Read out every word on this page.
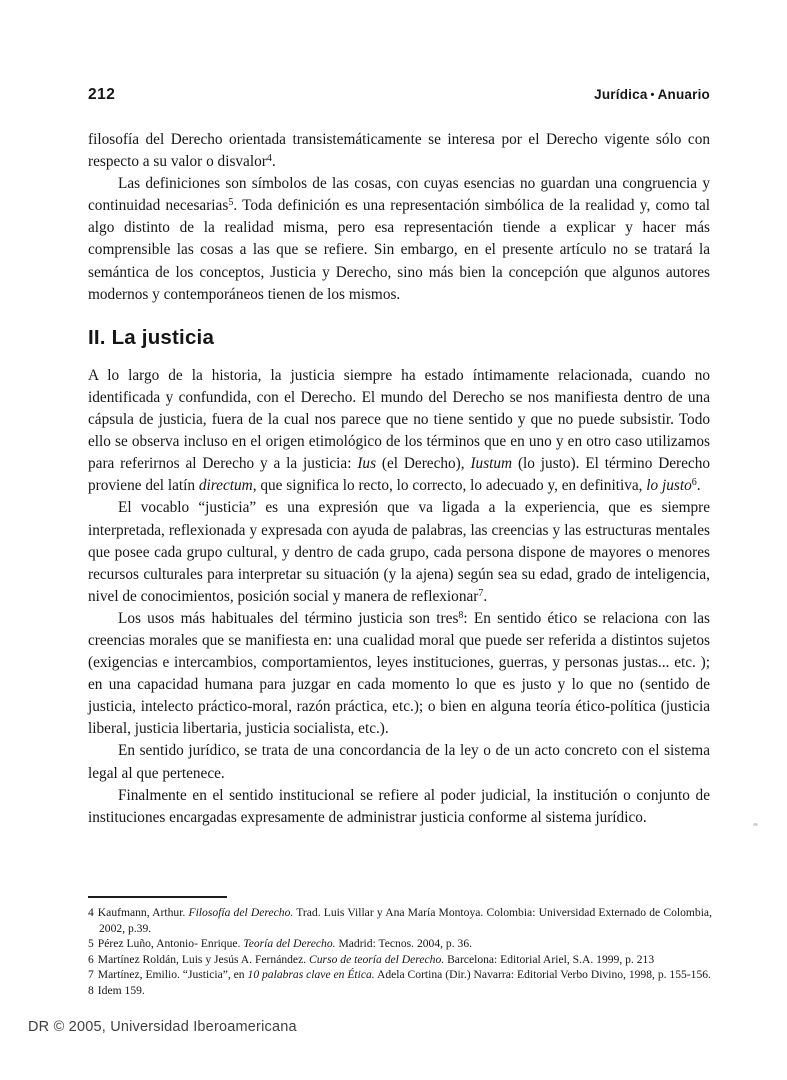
212	Jurídica • Anuario

filosofía del Derecho orientada transistemáticamente se interesa por el Derecho vigente sólo con respecto a su valor o disvalor$^4$.

Las definiciones son símbolos de las cosas, con cuyas esencias no guardan una congruencia y continuidad necesarias$^5$. Toda definición es una representación simbólica de la realidad y, como tal algo distinto de la realidad misma, pero esa representación tiende a explicar y hacer más comprensible las cosas a las que se refiere. Sin embargo, en el presente artículo no se tratará la semántica de los conceptos, Justicia y Derecho, sino más bien la concepción que algunos autores modernos y contemporáneos tienen de los mismos.

II. La justicia

A lo largo de la historia, la justicia siempre ha estado íntimamente relacionada, cuando no identificada y confundida, con el Derecho. El mundo del Derecho se nos manifiesta dentro de una cápsula de justicia, fuera de la cual nos parece que no tiene sentido y que no puede subsistir. Todo ello se observa incluso en el origen etimológico de los términos que en uno y en otro caso utilizamos para referirnos al Derecho y a la justicia: Ius (el Derecho), Iustum (lo justo). El término Derecho proviene del latín directum, que significa lo recto, lo correcto, lo adecuado y, en definitiva, lo justo$^6$.

El vocablo “justicia” es una expresión que va ligada a la experiencia, que es siempre interpretada, reflexionada y expresada con ayuda de palabras, las creencias y las estructuras mentales que posee cada grupo cultural, y dentro de cada grupo, cada persona dispone de mayores o menores recursos culturales para interpretar su situación (y la ajena) según sea su edad, grado de inteligencia, nivel de conocimientos, posición social y manera de reflexionar$^7$.

Los usos más habituales del término justicia son tres$^8$: En sentido ético se relaciona con las creencias morales que se manifiesta en: una cualidad moral que puede ser referida a distintos sujetos (exigencias e intercambios, comportamientos, leyes instituciones, guerras, y personas justas... etc. ); en una capacidad humana para juzgar en cada momento lo que es justo y lo que no (sentido de justicia, intelecto práctico-moral, razón práctica, etc.); o bien en alguna teoría ético-política (justicia liberal, justicia libertaria, justicia socialista, etc.).

En sentido jurídico, se trata de una concordancia de la ley o de un acto concreto con el sistema legal al que pertenece.

Finalmente en el sentido institucional se refiere al poder judicial, la institución o conjunto de instituciones encargadas expresamente de administrar justicia conforme al sistema jurídico.

4 Kaufmann, Arthur. Filosofía del Derecho. Trad. Luis Villar y Ana María Montoya. Colombia: Universidad Externado de Colombia, 2002, p.39.

5 Pérez Luño, Antonio- Enrique. Teoría del Derecho. Madrid: Tecnos. 2004, p. 36.

6 Martínez Roldán, Luis y Jesús A. Fernández. Curso de teoría del Derecho. Barcelona: Editorial Ariel, S.A. 1999, p. 213

7 Martínez, Emilio. “Justicia”, en 10 palabras clave en Ética. Adela Cortina (Dir.) Navarra: Editorial Verbo Divino, 1998, p. 155-156.

8 Idem 159.

DR © 2005, Universidad Iberoamericana
